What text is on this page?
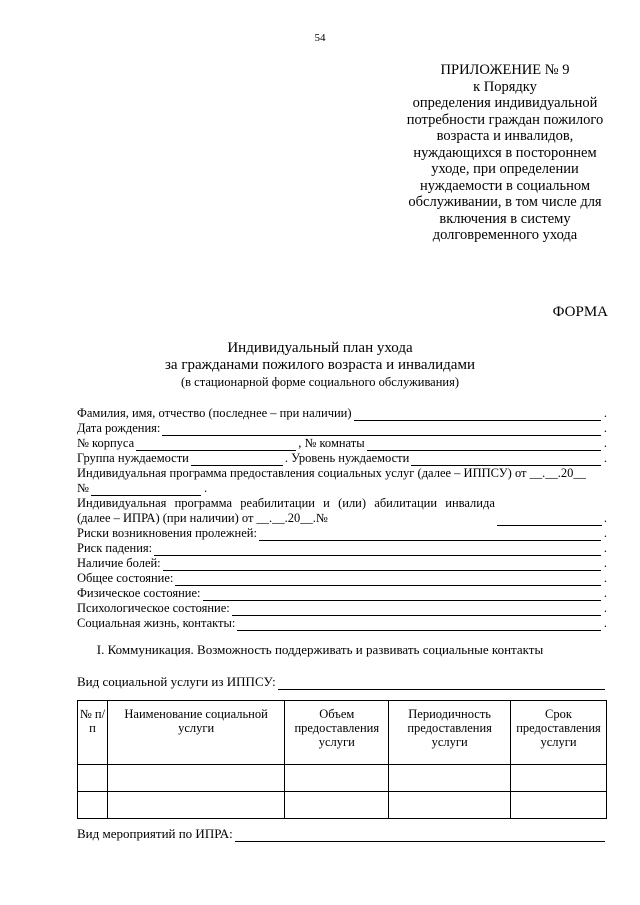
54
ПРИЛОЖЕНИЕ № 9
к Порядку
определения индивидуальной
потребности граждан пожилого
возраста и инвалидов,
нуждающихся в постороннем
уходе, при определении
нуждаемости в социальном
обслуживании, в том числе для
включения в систему
долговременного ухода
ФОРМА
Индивидуальный план ухода
за гражданами пожилого возраста и инвалидами
(в стационарной форме социального обслуживания)
Фамилия, имя, отчество (последнее – при наличии)	.
Дата рождения:	.
№ корпуса	, № комнаты	.
Группа нуждаемости	. Уровень нуждаемости	.
Индивидуальная программа предоставления социальных услуг (далее – ИППСУ) от __.__.20__
№	.
Индивидуальная программа реабилитации и (или) абилитации инвалида (далее – ИПРА) (при наличии) от __.__.20__.№	.
Риски возникновения пролежней:	.
Риск падения:	.
Наличие болей:	.
Общее состояние:	.
Физическое состояние:	.
Психологическое состояние:	.
Социальная жизнь, контакты:	.
I. Коммуникация. Возможность поддерживать и развивать социальные контакты
Вид социальной услуги из ИППСУ:
№ п/п	Наименование социальной услуги	Объем предоставления услуги	Периодичность предоставления услуги	Срок предоставления услуги

Вид мероприятий по ИПРА:
